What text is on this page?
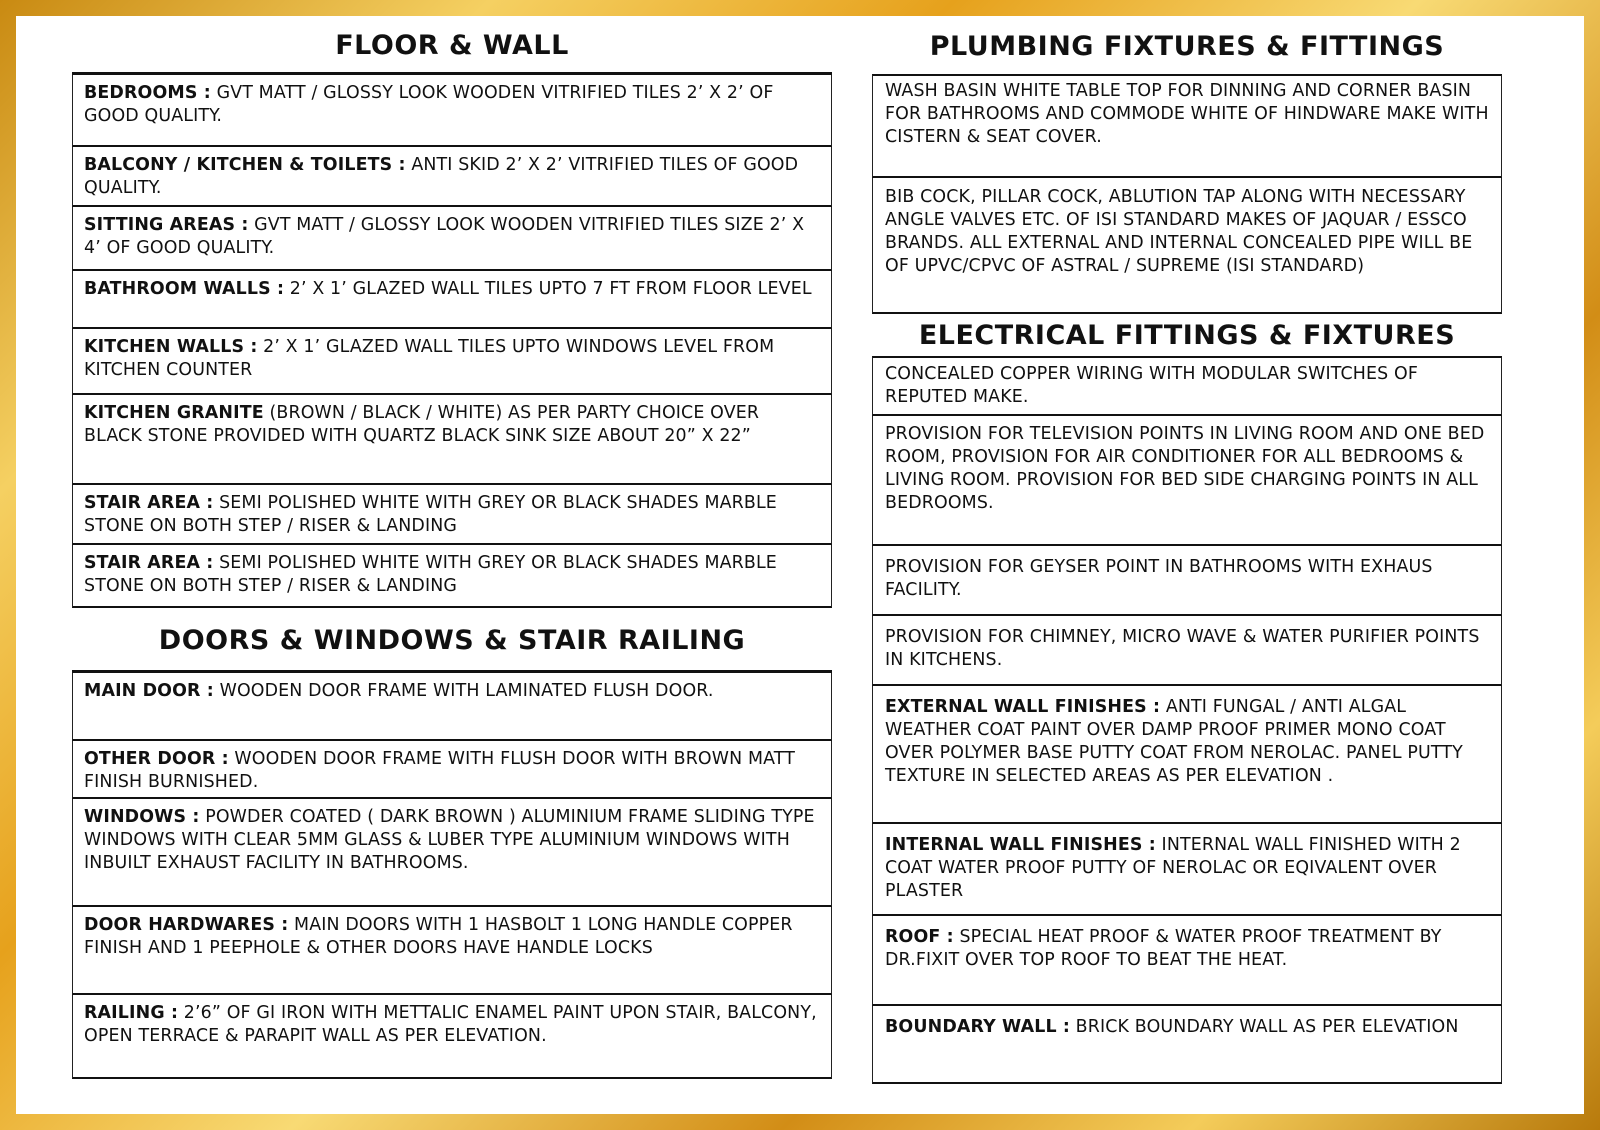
FLOOR & WALL
BEDROOMS : GVT MATT / GLOSSY LOOK WOODEN VITRIFIED TILES 2’ X 2’ OF GOOD QUALITY.
BALCONY / KITCHEN & TOILETS : ANTI SKID 2’ X 2’ VITRIFIED TILES OF GOOD QUALITY.
SITTING AREAS : GVT MATT / GLOSSY LOOK WOODEN VITRIFIED TILES SIZE 2’ X 4’ OF GOOD QUALITY.
BATHROOM WALLS : 2’ X 1’ GLAZED WALL TILES UPTO 7 FT FROM FLOOR LEVEL
KITCHEN WALLS : 2’ X 1’ GLAZED WALL TILES UPTO WINDOWS LEVEL FROM KITCHEN COUNTER
KITCHEN GRANITE (BROWN / BLACK / WHITE) AS PER PARTY CHOICE OVER BLACK STONE PROVIDED WITH QUARTZ BLACK SINK SIZE ABOUT 20” X 22”
STAIR AREA : SEMI POLISHED WHITE WITH GREY OR BLACK SHADES MARBLE STONE ON BOTH STEP / RISER & LANDING
STAIR AREA : SEMI POLISHED WHITE WITH GREY OR BLACK SHADES MARBLE STONE ON BOTH STEP / RISER & LANDING
DOORS & WINDOWS & STAIR RAILING
MAIN DOOR : WOODEN DOOR FRAME WITH LAMINATED FLUSH DOOR.
OTHER DOOR : WOODEN DOOR FRAME WITH FLUSH DOOR WITH BROWN MATT FINISH BURNISHED.
WINDOWS : POWDER COATED ( DARK BROWN ) ALUMINIUM FRAME SLIDING TYPE WINDOWS WITH CLEAR 5MM GLASS & LUBER TYPE ALUMINIUM WINDOWS WITH INBUILT EXHAUST FACILITY IN BATHROOMS.
DOOR HARDWARES : MAIN DOORS WITH 1 HASBOLT 1 LONG HANDLE COPPER FINISH AND 1 PEEPHOLE & OTHER DOORS HAVE HANDLE LOCKS
RAILING : 2’6” OF GI IRON WITH METTALIC ENAMEL PAINT UPON STAIR, BALCONY, OPEN TERRACE & PARAPIT WALL AS PER ELEVATION.
PLUMBING FIXTURES & FITTINGS
WASH BASIN WHITE TABLE TOP FOR DINNING AND CORNER BASIN FOR BATHROOMS AND COMMODE WHITE OF HINDWARE MAKE WITH CISTERN & SEAT COVER.
BIB COCK, PILLAR COCK, ABLUTION TAP ALONG WITH NECESSARY ANGLE VALVES ETC. OF ISI STANDARD MAKES OF JAQUAR / ESSCO BRANDS. ALL EXTERNAL AND INTERNAL CONCEALED PIPE WILL BE OF UPVC/CPVC OF ASTRAL / SUPREME (ISI STANDARD)
ELECTRICAL FITTINGS & FIXTURES
CONCEALED COPPER WIRING WITH MODULAR SWITCHES OF REPUTED MAKE.
PROVISION FOR TELEVISION POINTS IN LIVING ROOM AND ONE BED ROOM, PROVISION FOR AIR CONDITIONER FOR ALL BEDROOMS & LIVING ROOM. PROVISION FOR BED SIDE CHARGING POINTS IN ALL BEDROOMS.
PROVISION FOR GEYSER POINT IN BATHROOMS WITH EXHAUS FACILITY.
PROVISION FOR CHIMNEY, MICRO WAVE & WATER PURIFIER POINTS IN KITCHENS.
EXTERNAL WALL FINISHES : ANTI FUNGAL / ANTI ALGAL WEATHER COAT PAINT OVER DAMP PROOF PRIMER MONO COAT OVER POLYMER BASE PUTTY COAT FROM NEROLAC. PANEL PUTTY TEXTURE IN SELECTED AREAS AS PER ELEVATION .
INTERNAL WALL FINISHES : INTERNAL WALL FINISHED WITH 2 COAT WATER PROOF PUTTY OF NEROLAC OR EQIVALENT OVER PLASTER
ROOF : SPECIAL HEAT PROOF & WATER PROOF TREATMENT BY DR.FIXIT OVER TOP ROOF TO BEAT THE HEAT.
BOUNDARY WALL : BRICK BOUNDARY WALL AS PER ELEVATION
